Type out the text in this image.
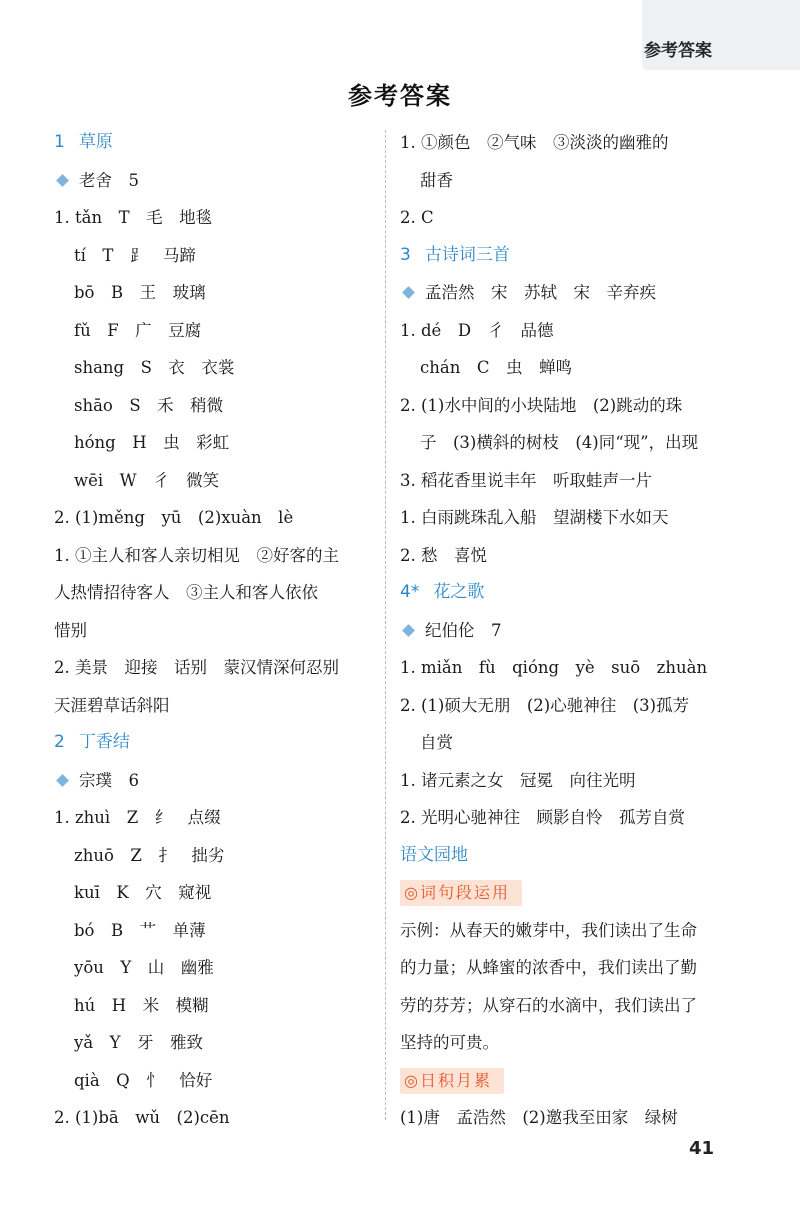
参考答案
参考答案
1 草原
老舍　5
1. tǎn　T　毛　地毯
tí　T　⻊　马蹄
bō　B　王　玻璃
fǔ　F　广　豆腐
shang　S　衣　衣裳
shāo　S　禾　稍微
hóng　H　虫　彩虹
wēi　W　彳　微笑
2. (1)měng　yū　(2)xuàn　lè
1. ①主人和客人亲切相见　②好客的主
人热情招待客人　③主人和客人依依
惜别
2. 美景　迎接　话别　蒙汉情深何忍别
天涯碧草话斜阳
2 丁香结
宗璞　6
1. zhuì　Z　纟　点缀
zhuō　Z　扌　拙劣
kuī　K　穴　窥视
bó　B　艹　单薄
yōu　Y　山　幽雅
hú　H　米　模糊
yǎ　Y　牙　雅致
qià　Q　忄　恰好
2. (1)bā　wǔ　(2)cēn
1. ①颜色　②气味　③淡淡的幽雅的
甜香
2. C
3 古诗词三首
孟浩然　宋　苏轼　宋　辛弃疾
1. dé　D　彳　品德
chán　C　虫　蝉鸣
2. (1)水中间的小块陆地　(2)跳动的珠
子　(3)横斜的树枝　(4)同“现”，出现
3. 稻花香里说丰年　听取蛙声一片
1. 白雨跳珠乱入船　望湖楼下水如天
2. 愁　喜悦
4* 花之歌
纪伯伦　7
1. miǎn　fù　qióng　yè　suō　zhuàn
2. (1)硕大无朋　(2)心驰神往　(3)孤芳
自赏
1. 诸元素之女　冠冕　向往光明
2. 光明心驰神往　顾影自怜　孤芳自赏
语文园地
◎词句段运用
示例：从春天的嫩芽中，我们读出了生命
的力量；从蜂蜜的浓香中，我们读出了勤
劳的芬芳；从穿石的水滴中，我们读出了
坚持的可贵。
◎日积月累
(1)唐　孟浩然　(2)邀我至田家　绿树
41
